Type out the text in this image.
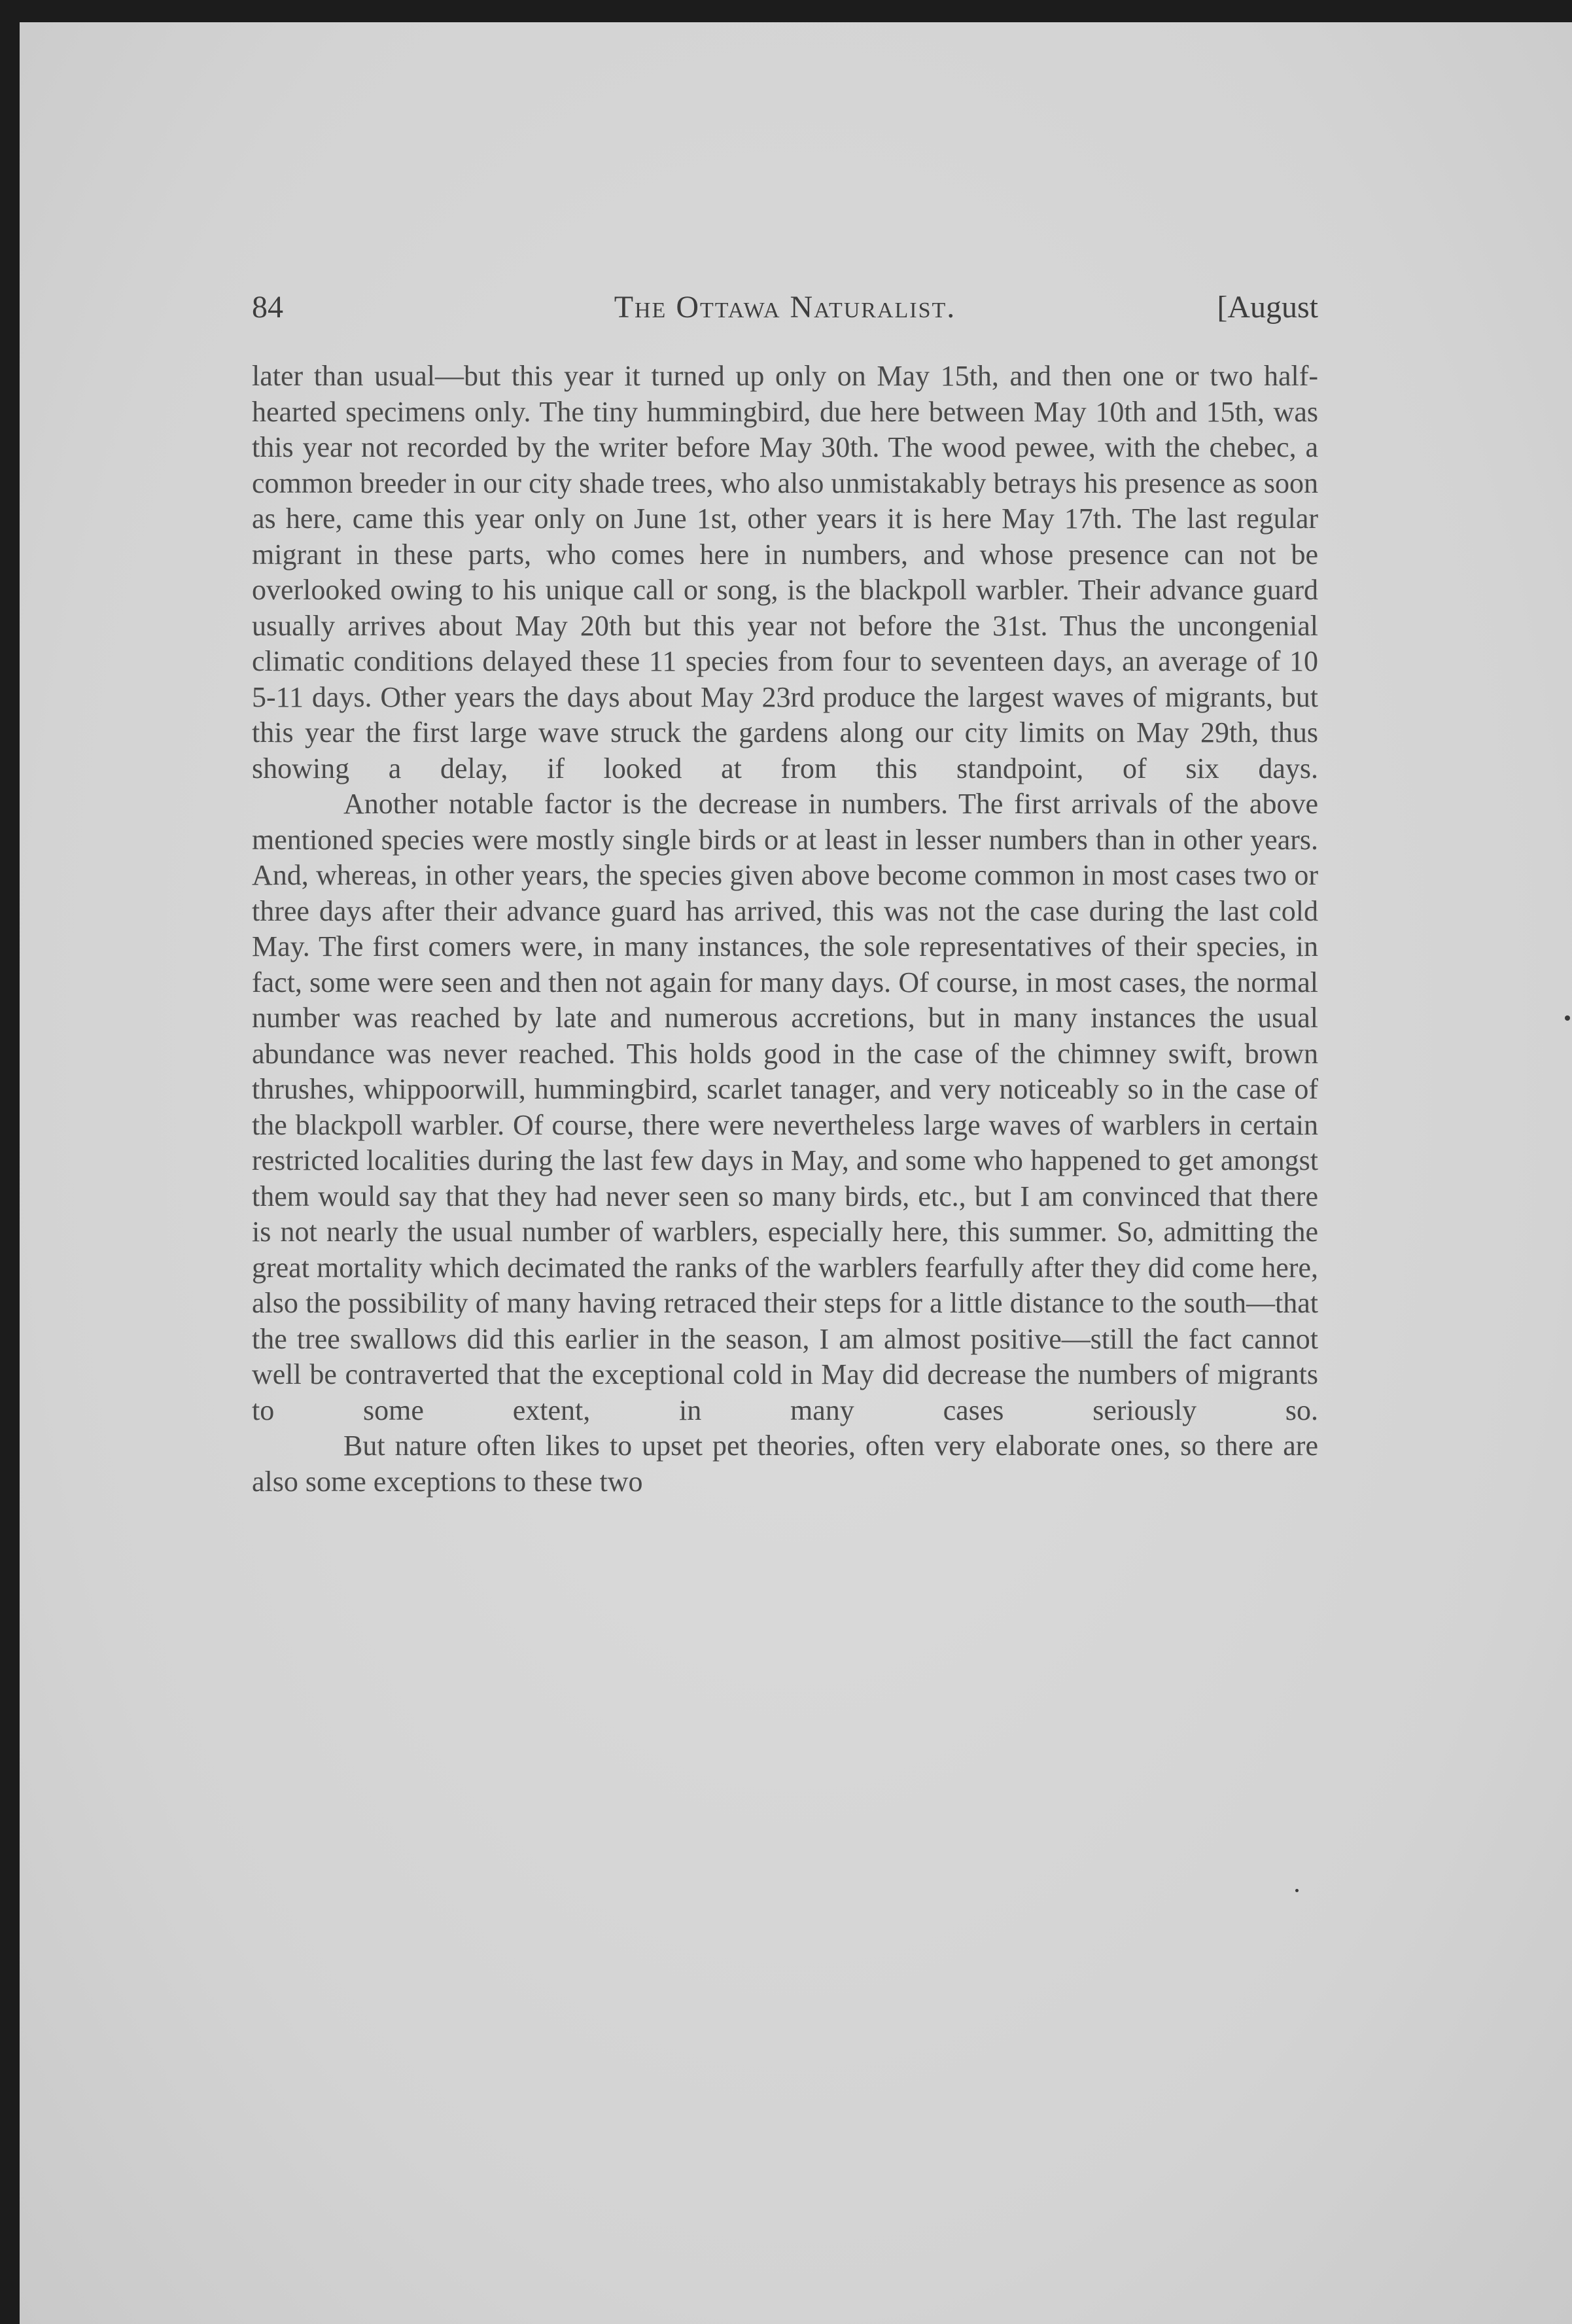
84	The Ottawa Naturalist.	[August

later than usual—but this year it turned up only on May 15th, and then one or two half-hearted specimens only. The tiny hummingbird, due here between May 10th and 15th, was this year not recorded by the writer before May 30th. The wood pewee, with the chebec, a common breeder in our city shade trees, who also unmistakably betrays his presence as soon as here, came this year only on June 1st, other years it is here May 17th. The last regular migrant in these parts, who comes here in numbers, and whose presence can not be overlooked owing to his unique call or song, is the blackpoll warbler. Their advance guard usually arrives about May 20th but this year not before the 31st. Thus the uncongenial climatic conditions delayed these 11 species from four to seventeen days, an average of 10 5-11 days. Other years the days about May 23rd produce the largest waves of migrants, but this year the first large wave struck the gardens along our city limits on May 29th, thus showing a delay, if looked at from this standpoint, of six days.

Another notable factor is the decrease in numbers. The first arrivals of the above mentioned species were mostly single birds or at least in lesser numbers than in other years. And, whereas, in other years, the species given above become common in most cases two or three days after their advance guard has arrived, this was not the case during the last cold May. The first comers were, in many instances, the sole representatives of their species, in fact, some were seen and then not again for many days. Of course, in most cases, the normal number was reached by late and numerous accretions, but in many instances the usual abundance was never reached. This holds good in the case of the chimney swift, brown thrushes, whippoorwill, hummingbird, scarlet tanager, and very noticeably so in the case of the blackpoll warbler. Of course, there were nevertheless large waves of warblers in certain restricted localities during the last few days in May, and some who happened to get amongst them would say that they had never seen so many birds, etc., but I am convinced that there is not nearly the usual number of warblers, especially here, this summer. So, admitting the great mortality which decimated the ranks of the warblers fearfully after they did come here, also the possibility of many having retraced their steps for a little distance to the south—that the tree swallows did this earlier in the season, I am almost positive—still the fact cannot well be contraverted that the exceptional cold in May did decrease the numbers of migrants to some extent, in many cases seriously so.

But nature often likes to upset pet theories, often very elaborate ones, so there are also some exceptions to these two
